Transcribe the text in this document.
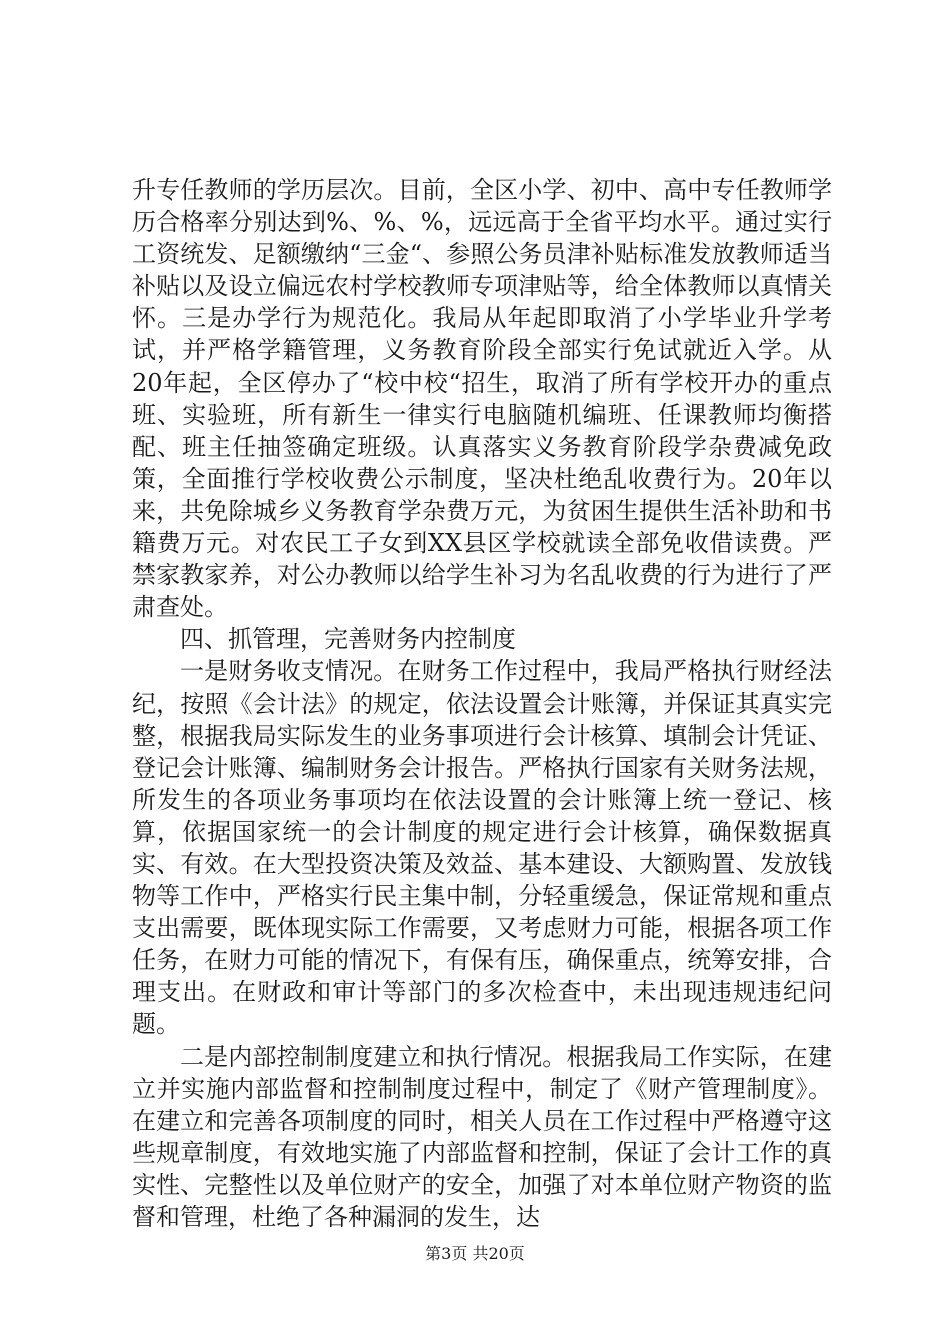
升专任教师的学历层次。目前，全区小学、初中、高中专任教师学历合格率分别达到%、%、%，远远高于全省平均水平。通过实行工资统发、足额缴纳“三金“、参照公务员津补贴标准发放教师适当补贴以及设立偏远农村学校教师专项津贴等，给全体教师以真情关怀。三是办学行为规范化。我局从年起即取消了小学毕业升学考试，并严格学籍管理，义务教育阶段全部实行免试就近入学。从20年起，全区停办了“校中校“招生，取消了所有学校开办的重点班、实验班，所有新生一律实行电脑随机编班、任课教师均衡搭配、班主任抽签确定班级。认真落实义务教育阶段学杂费减免政策，全面推行学校收费公示制度，坚决杜绝乱收费行为。20年以来，共免除城乡义务教育学杂费万元，为贫困生提供生活补助和书籍费万元。对农民工子女到XX县区学校就读全部免收借读费。严禁家教家养，对公办教师以给学生补习为名乱收费的行为进行了严肃查处。

四、抓管理，完善财务内控制度

一是财务收支情况。在财务工作过程中，我局严格执行财经法纪，按照《会计法》的规定，依法设置会计账簿，并保证其真实完整，根据我局实际发生的业务事项进行会计核算、填制会计凭证、登记会计账簿、编制财务会计报告。严格执行国家有关财务法规，所发生的各项业务事项均在依法设置的会计账簿上统一登记、核算，依据国家统一的会计制度的规定进行会计核算，确保数据真实、有效。在大型投资决策及效益、基本建设、大额购置、发放钱物等工作中，严格实行民主集中制，分轻重缓急，保证常规和重点支出需要，既体现实际工作需要，又考虑财力可能，根据各项工作任务，在财力可能的情况下，有保有压，确保重点，统筹安排，合理支出。在财政和审计等部门的多次检查中，未出现违规违纪问题。

二是内部控制制度建立和执行情况。根据我局工作实际，在建立并实施内部监督和控制制度过程中，制定了《财产管理制度》。在建立和完善各项制度的同时，相关人员在工作过程中严格遵守这些规章制度，有效地实施了内部监督和控制，保证了会计工作的真实性、完整性以及单位财产的安全，加强了对本单位财产物资的监督和管理，杜绝了各种漏洞的发生，达

第3页 共20页
